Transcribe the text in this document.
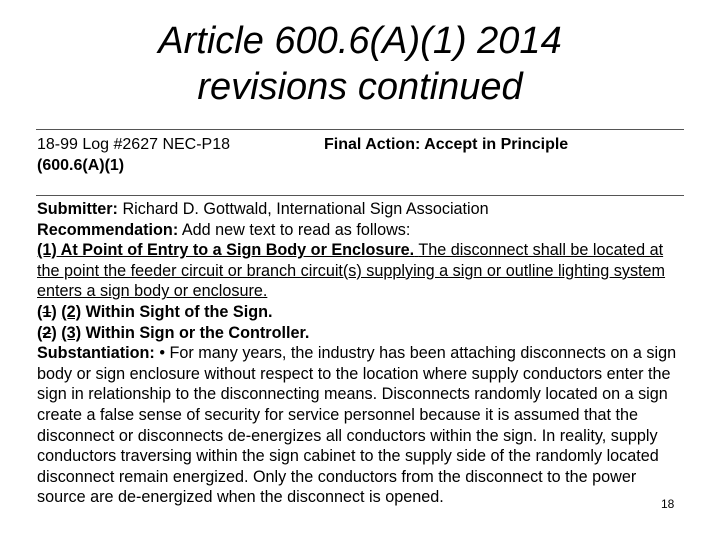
Article 600.6(A)(1) 2014
revisions continued
18-99 Log #2627 NEC-P18
(600.6(A)(1)
Final Action: Accept in Principle

Submitter: Richard D. Gottwald, International Sign Association

Recommendation: Add new text to read as follows:

(1) At Point of Entry to a Sign Body or Enclosure. The disconnect shall be located at the point the feeder circuit or branch circuit(s) supplying a sign or outline lighting system enters a sign body or enclosure.

(1) (2) Within Sight of the Sign.

(2) (3) Within Sign or the Controller.

Substantiation: • For many years, the industry has been attaching disconnects on a sign body or sign enclosure without respect to the location where supply conductors enter the sign in relationship to the disconnecting means. Disconnects randomly located on a sign create a false sense of security for service personnel because it is assumed that the disconnect or disconnects de-energizes all conductors within the sign. In reality, supply conductors traversing within the sign cabinet to the supply side of the randomly located disconnect remain energized. Only the conductors from the disconnect to the power source are de-energized when the disconnect is opened.	18
